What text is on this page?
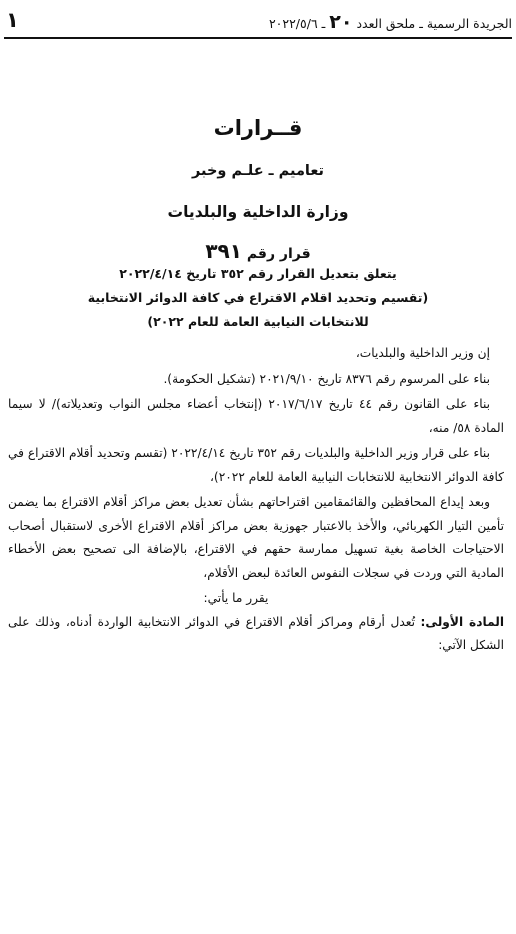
الجريدة الرسمية ـ ملحق العدد ٢٠ ـ ٢٠٢٢/٥/٦
١
قــرارات
تعاميم ـ علـم وخبر
وزارة الداخلية والبلديات
قرار رقم ٣٩١
يتعلق بتعديل القرار رقم ٣٥٢ تاريخ ٢٠٢٢/٤/١٤
(تقسيم وتحديد اقلام الاقتراع في كافة الدوائر الانتخابية
للانتخابات النيابية العامة للعام ٢٠٢٢)

إن وزير الداخلية والبلديات،

بناء على المرسوم رقم ٨٣٧٦ تاريخ ٢٠٢١/٩/١٠ (تشكيل الحكومة).

بناء على القانون رقم ٤٤ تاريخ ٢٠١٧/٦/١٧ (إنتخاب أعضاء مجلس النواب وتعديلاته)/ لا سيما المادة ٥٨/ منه،

بناء على قرار وزير الداخلية والبلديات رقم ٣٥٢ تاريخ ٢٠٢٢/٤/١٤ (تقسم وتحديد أقلام الاقتراع في كافة الدوائر الانتخابية للانتخابات النيابية العامة للعام ٢٠٢٢)،

وبعد إيداع المحافظين والقائمقامين اقتراحاتهم بشأن تعديل بعض مراكز أقلام الاقتراع بما يضمن تأمين التيار الكهربائي، والأخذ بالاعتبار جهوزية بعض مراكز أقلام الاقتراع الأخرى لاستقبال أصحاب الاحتياجات الخاصة بغية تسهيل ممارسة حقهم في الاقتراع، بالإضافة الى تصحيح بعض الأخطاء المادية التي وردت في سجلات النفوس العائدة لبعض الأقلام،

يقرر ما يأتي:

المادة الأولى: تُعدل أرقام ومراكز أقلام الاقتراع في الدوائر الانتخابية الواردة أدناه، وذلك على الشكل الآتي:
